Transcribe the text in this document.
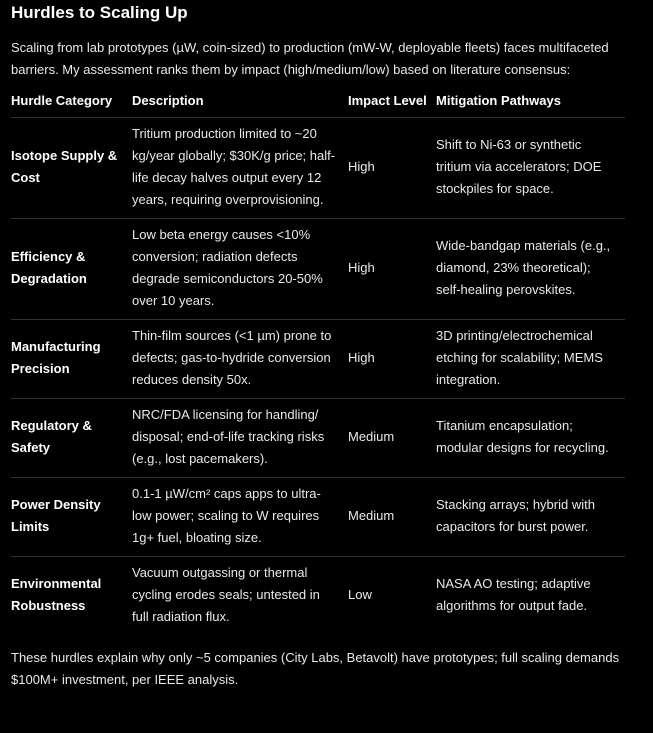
Hurdles to Scaling Up

Scaling from lab prototypes (µW, coin-sized) to production (mW-W, deployable fleets) faces multifaceted barriers. My assessment ranks them by impact (high/medium/low) based on literature consensus:

Hurdle Category	Description	Impact Level	Mitigation Pathways
Isotope Supply & Cost	Tritium production limited to ~20 kg/year globally; $30K/g price; half-life decay halves output every 12 years, requiring overprovisioning.	High	Shift to Ni-63 or synthetic tritium via accelerators; DOE stockpiles for space.
Efficiency & Degradation	Low beta energy causes <10% conversion; radiation defects degrade semiconductors 20-50% over 10 years.	High	Wide-bandgap materials (e.g., diamond, 23% theoretical); self-healing perovskites.
Manufacturing Precision	Thin-film sources (<1 µm) prone to defects; gas-to-hydride conversion reduces density 50x.	High	3D printing/electrochemical etching for scalability; MEMS integration.
Regulatory & Safety	NRC/FDA licensing for handling/ disposal; end-of-life tracking risks (e.g., lost pacemakers).	Medium	Titanium encapsulation; modular designs for recycling.
Power Density Limits	0.1-1 µW/cm² caps apps to ultra-low power; scaling to W requires 1g+ fuel, bloating size.	Medium	Stacking arrays; hybrid with capacitors for burst power.
Environmental Robustness	Vacuum outgassing or thermal cycling erodes seals; untested in full radiation flux.	Low	NASA AO testing; adaptive algorithms for output fade.

These hurdles explain why only ~5 companies (City Labs, Betavolt) have prototypes; full scaling demands $100M+ investment, per IEEE analysis.
